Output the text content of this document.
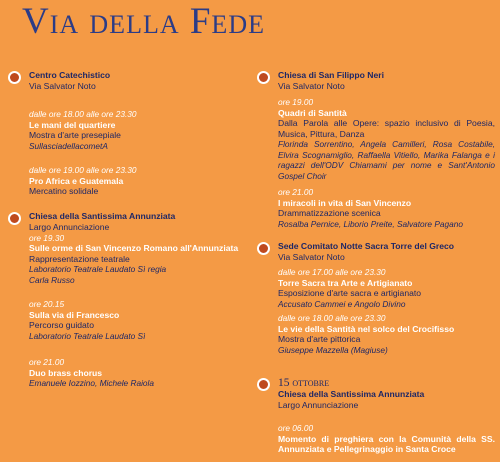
Via della Fede
Centro Catechistico
Via Salvator Noto
dalle ore 18.00 alle ore 23.30
Le mani del quartiere
Mostra d'arte presepiale
SullasciadellacometA
dalle ore 19.00 alle ore 23.30
Pro Africa e Guatemala
Mercatino solidale
Chiesa della Santissima Annunziata
Largo Annunciazione
ore 19.30
Sulle orme di San Vincenzo Romano all'Annunziata
Rappresentazione teatrale
Laboratorio Teatrale Laudato Sì regia Carla Russo
ore 20.15
Sulla via di Francesco
Percorso guidato
Laboratorio Teatrale Laudato Sì
ore 21.00
Duo brass chorus
Emanuele Iozzino, Michele Raiola
Chiesa di San Filippo Neri
Via Salvator Noto
ore 19.00
Quadri di Santità
Dalla Parola alle Opere: spazio inclusivo di Poesia, Musica, Pittura, Danza
Florinda Sorrentino, Angela Camilleri, Rosa Costabile, Elvira Scognamiglio, Raffaella Vitiello, Marika Falanga e i ragazzi dell'ODV Chiamami per nome e Sant'Antonio Gospel Choir
ore 21.00
I miracoli in vita di San Vincenzo
Drammatizzazione scenica
Rosalba Pernice, Liborio Preite, Salvatore Pagano
Sede Comitato Notte Sacra Torre del Greco
Via Salvator Noto
dalle ore 17.00 alle ore 23.30
Torre Sacra tra Arte e Artigianato
Esposizione d'arte sacra e artigianato
Accusato Cammei e Angolo Divino
dalle ore 18.00 alle ore 23.30
Le vie della Santità nel solco del Crocifisso
Mostra d'arte pittorica
Giuseppe Mazzella (Magiuse)
15 ottobre
Chiesa della Santissima Annunziata
Largo Annunciazione
ore 06.00
Momento di preghiera con la Comunità della SS. Annunziata e Pellegrinaggio in Santa Croce
